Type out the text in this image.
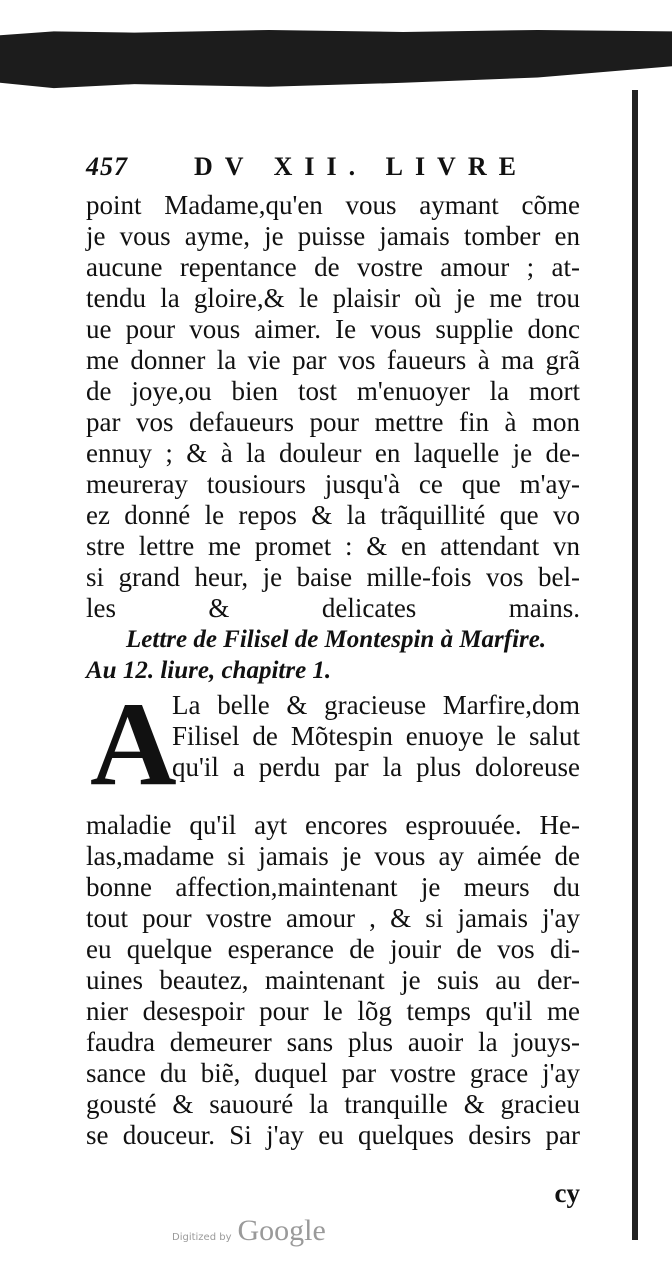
457	DV XII. LIVRE
point Madame,qu'en vous aymant cõme
je vous ayme, je puisse jamais tomber en
aucune repentance de vostre amour ; at-
tendu la gloire,& le plaisir où je me trou
ue pour vous aimer. Ie vous supplie donc
me donner la vie par vos faueurs à ma grã
de joye,ou bien tost m'enuoyer la mort
par vos defaueurs pour mettre fin à mon
ennuy ; & à la douleur en laquelle je de-
meureray tousiours jusqu'à ce que m'ay-
ez donné le repos & la trãquillité que vo
stre lettre me promet : & en attendant vn
si grand heur, je baise mille-fois vos bel-
les & delicates mains.
Lettre de Filisel de Montespin à Marfire.
Au 12. liure, chapitre 1.
A
La belle & gracieuse Marfire,dom
Filisel de Mõtespin enuoye le salut
qu'il a perdu par la plus doloreuse
maladie qu'il ayt encores esprouuée. He-
las,madame si jamais je vous ay aimée de
bonne affection,maintenant je meurs du
tout pour vostre amour , & si jamais j'ay
eu quelque esperance de jouir de vos di-
uines beautez, maintenant je suis au der-
nier desespoir pour le lõg temps qu'il me
faudra demeurer sans plus auoir la jouys-
sance du biẽ, duquel par vostre grace j'ay
gousté & sauouré la tranquille & gracieu
se douceur. Si j'ay eu quelques desirs par
cy
Digitized by Google
